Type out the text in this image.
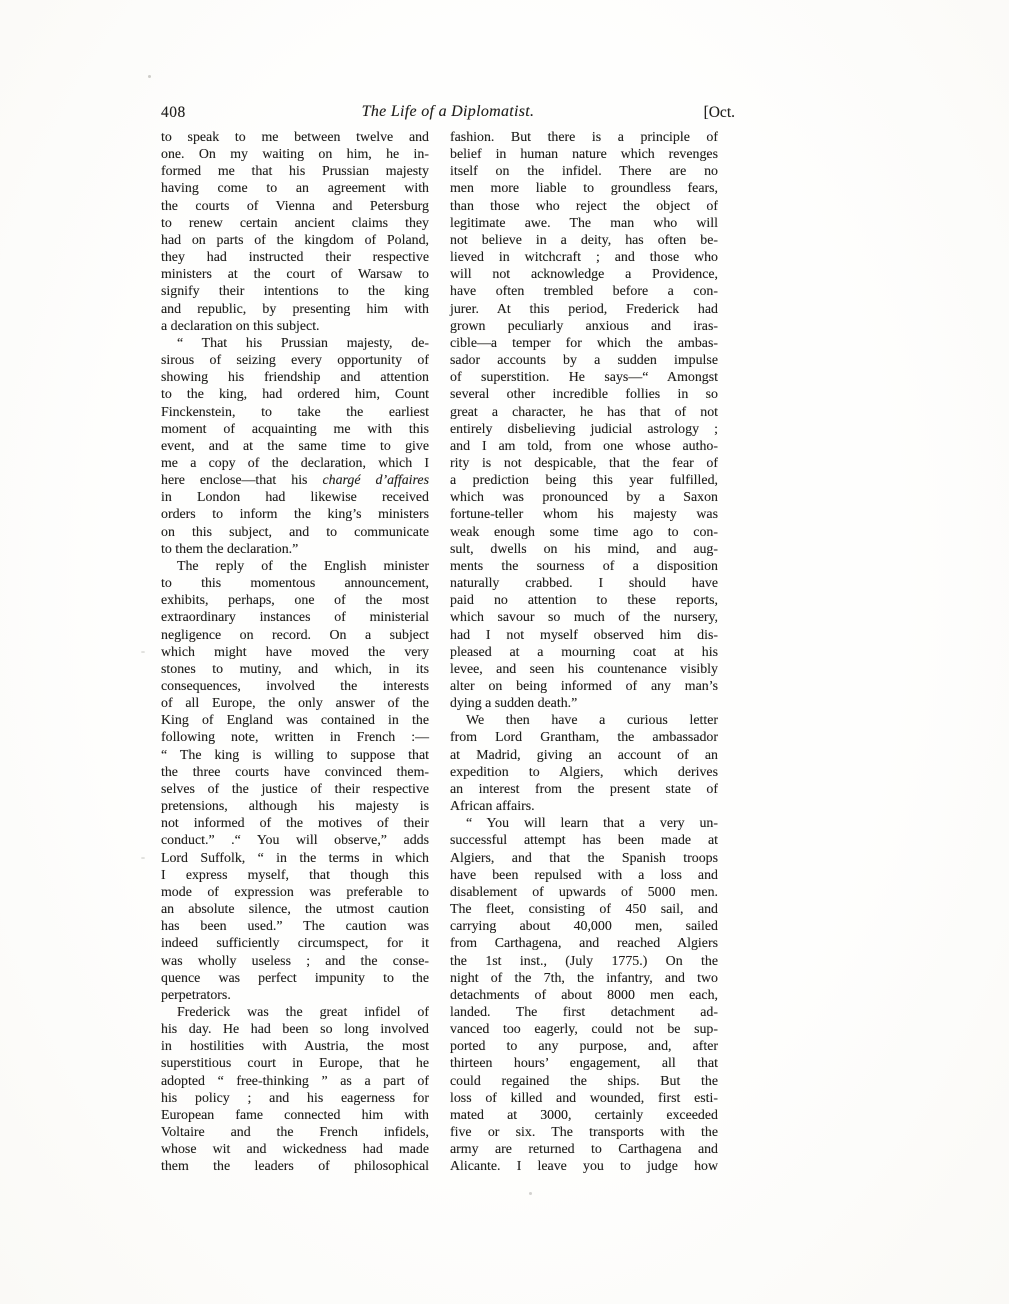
408	The Life of a Diplomatist.	[Oct.
to speak to me between twelve and
one. On my waiting on him, he in-
formed me that his Prussian majesty
having come to an agreement with
the courts of Vienna and Petersburg
to renew certain ancient claims they
had on parts of the kingdom of Poland,
they had instructed their respective
ministers at the court of Warsaw to
signify their intentions to the king
and republic, by presenting him with
a declaration on this subject.
“ That his Prussian majesty, de-
sirous of seizing every opportunity of
showing his friendship and attention
to the king, had ordered him, Count
Finckenstein, to take the earliest
moment of acquainting me with this
event, and at the same time to give
me a copy of the declaration, which I
here enclose—that his chargé d’affaires
in London had likewise received
orders to inform the king’s ministers
on this subject, and to communicate
to them the declaration.”
The reply of the English minister
to this momentous announcement,
exhibits, perhaps, one of the most
extraordinary instances of ministerial
negligence on record. On a subject
which might have moved the very
stones to mutiny, and which, in its
consequences, involved the interests
of all Europe, the only answer of the
King of England was contained in the
following note, written in French :—
“ The king is willing to suppose that
the three courts have convinced them-
selves of the justice of their respective
pretensions, although his majesty is
not informed of the motives of their
conduct.” .“ You will observe,” adds
Lord Suffolk, “ in the terms in which
I express myself, that though this
mode of expression was preferable to
an absolute silence, the utmost caution
has been used.” The caution was
indeed sufficiently circumspect, for it
was wholly useless ; and the conse-
quence was perfect impunity to the
perpetrators.
Frederick was the great infidel of
his day. He had been so long involved
in hostilities with Austria, the most
superstitious court in Europe, that he
adopted “ free-thinking ” as a part of
his policy ; and his eagerness for
European fame connected him with
Voltaire and the French infidels,
whose wit and wickedness had made
them the leaders of philosophical
fashion. But there is a principle of
belief in human nature which revenges
itself on the infidel. There are no
men more liable to groundless fears,
than those who reject the object of
legitimate awe. The man who will
not believe in a deity, has often be-
lieved in witchcraft ; and those who
will not acknowledge a Providence,
have often trembled before a con-
jurer. At this period, Frederick had
grown peculiarly anxious and iras-
cible—a temper for which the ambas-
sador accounts by a sudden impulse
of superstition. He says—“ Amongst
several other incredible follies in so
great a character, he has that of not
entirely disbelieving judicial astrology ;
and I am told, from one whose autho-
rity is not despicable, that the fear of
a prediction being this year fulfilled,
which was pronounced by a Saxon
fortune-teller whom his majesty was
weak enough some time ago to con-
sult, dwells on his mind, and aug-
ments the sourness of a disposition
naturally crabbed. I should have
paid no attention to these reports,
which savour so much of the nursery,
had I not myself observed him dis-
pleased at a mourning coat at his
levee, and seen his countenance visibly
alter on being informed of any man’s
dying a sudden death.”
We then have a curious letter
from Lord Grantham, the ambassador
at Madrid, giving an account of an
expedition to Algiers, which derives
an interest from the present state of
African affairs.
“ You will learn that a very un-
successful attempt has been made at
Algiers, and that the Spanish troops
have been repulsed with a loss and
disablement of upwards of 5000 men.
The fleet, consisting of 450 sail, and
carrying about 40,000 men, sailed
from Carthagena, and reached Algiers
the 1st inst., (July 1775.) On the
night of the 7th, the infantry, and two
detachments of about 8000 men each,
landed. The first detachment ad-
vanced too eagerly, could not be sup-
ported to any purpose, and, after
thirteen hours’ engagement, all that
could regained the ships. But the
loss of killed and wounded, first esti-
mated at 3000, certainly exceeded
five or six. The transports with the
army are returned to Carthagena and
Alicante. I leave you to judge how
